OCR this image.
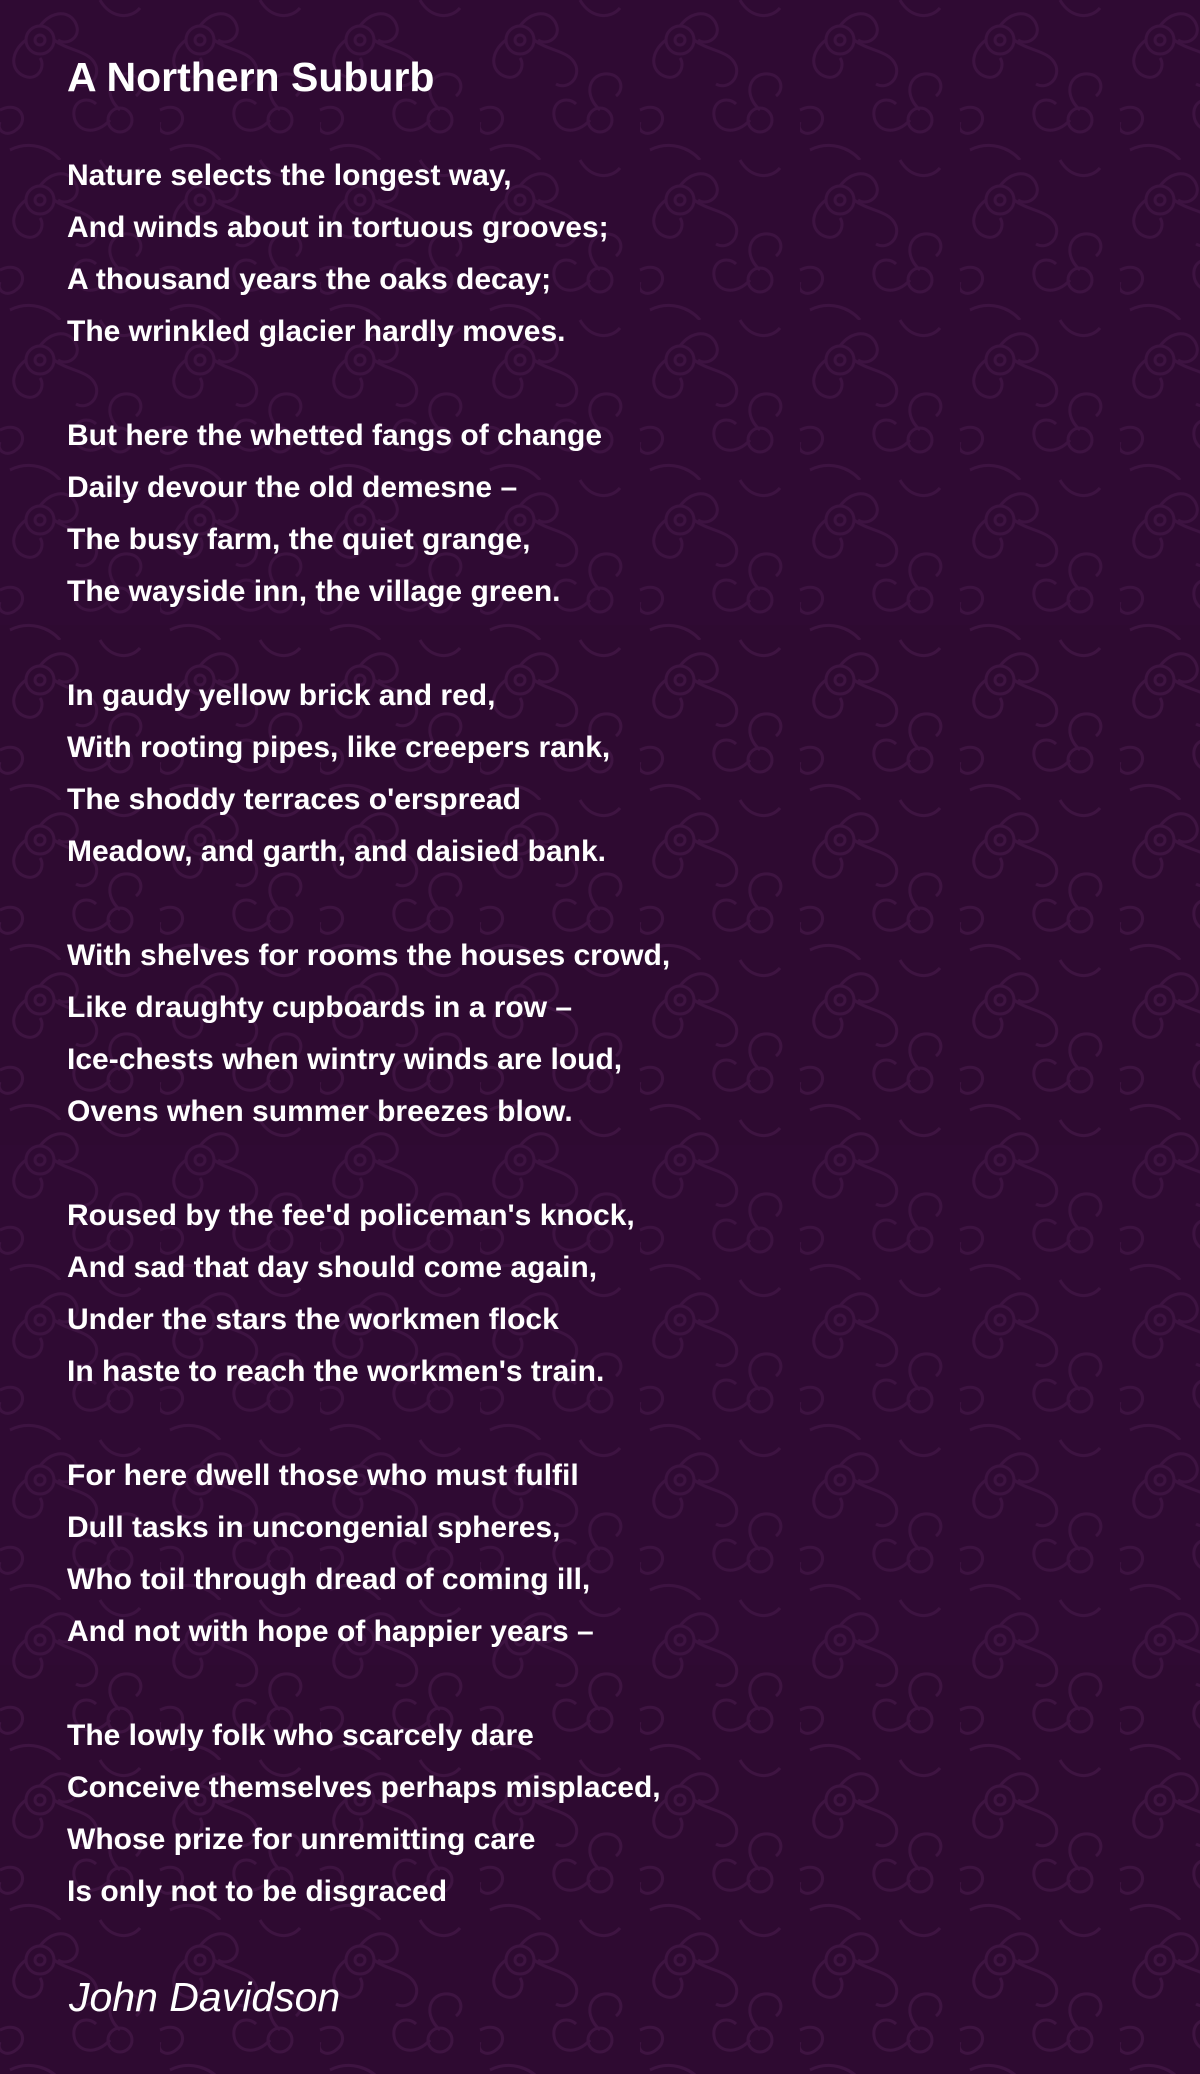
A Northern Suburb
Nature selects the longest way,
And winds about in tortuous grooves;
A thousand years the oaks decay;
The wrinkled glacier hardly moves.
But here the whetted fangs of change
Daily devour the old demesne –
The busy farm, the quiet grange,
The wayside inn, the village green.
In gaudy yellow brick and red,
With rooting pipes, like creepers rank,
The shoddy terraces o'erspread
Meadow, and garth, and daisied bank.
With shelves for rooms the houses crowd,
Like draughty cupboards in a row –
Ice-chests when wintry winds are loud,
Ovens when summer breezes blow.
Roused by the fee'd policeman's knock,
And sad that day should come again,
Under the stars the workmen flock
In haste to reach the workmen's train.
For here dwell those who must fulfil
Dull tasks in uncongenial spheres,
Who toil through dread of coming ill,
And not with hope of happier years –
The lowly folk who scarcely dare
Conceive themselves perhaps misplaced,
Whose prize for unremitting care
Is only not to be disgraced
John Davidson
